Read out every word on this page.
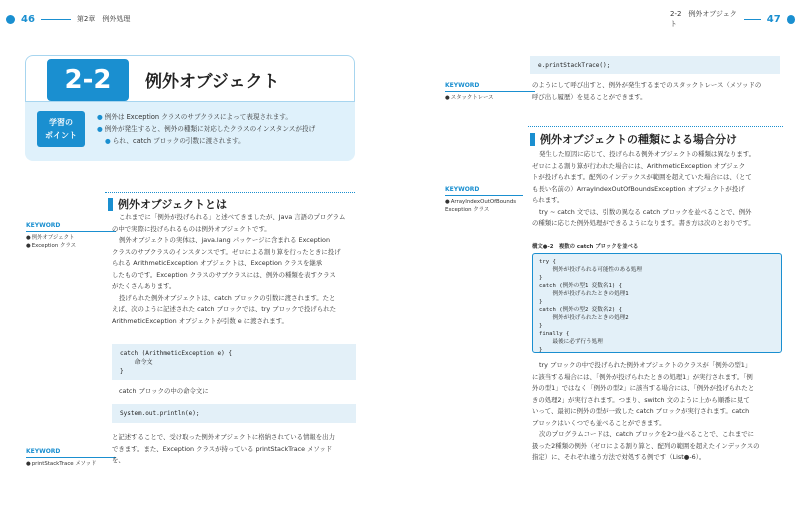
46	第2章　例外処理
2-2	例外オブジェクト
学習の
ポイント
● 例外は Exception クラスのサブクラスによって表現されます。
● 例外が発生すると、例外の種類に対応したクラスのインスタンスが投げ
● られ、catch ブロックの引数に渡されます。
例外オブジェクトとは
KEYWORD
● 例外オブジェクト
● Exception クラス
これまでに「例外が投げられる」と述べてきましたが、Java 言語のプログラム
の中で実際に投げられるものは例外オブジェクトです。
例外オブジェクトの実体は、java.lang パッケージに含まれる Exception
クラスのサブクラスのインスタンスです。ゼロによる割り算を行ったときに投げ
られる ArithmeticException オブジェクトは、Exception クラスを継承
したものです。Exception クラスのサブクラスには、例外の種類を表すクラス
がたくさんあります。
投げられた例外オブジェクトは、catch ブロックの引数に渡されます。たと
えば、次のように記述された catch ブロックでは、try ブロックで投げられた
ArithmeticException オブジェクトが引数 e に渡されます。
catch (ArithmeticException e) {
命令文
}
catch ブロックの中の命令文に
System.out.println(e);
KEYWORD
● printStackTrace メソッド
と記述することで、受け取った例外オブジェクトに格納されている情報を出力
できます。また、Exception クラスが持っている printStackTrace メソッド
を、
2-2　例外オブジェクト	47
e.printStackTrace();
KEYWORD
● スタックトレース
のようにして呼び出すと、例外が発生するまでのスタックトレース（メソッドの
呼び出し履歴）を見ることができます。
例外オブジェクトの種類による場合分け
KEYWORD
● ArrayIndexOutOfBounds Exception クラス
発生した原因に応じて、投げられる例外オブジェクトの種類は異なります。
ゼロによる割り算が行われた場合には、ArithmeticException オブジェク
トが投げられます。配列のインデックスが範囲を超えていた場合には、（とて
も長い名前の）ArrayIndexOutOfBoundsException オブジェクトが投げ
られます。
try ~ catch 文では、引数の異なる catch ブロックを並べることで、例外
の種類に応じた例外処理ができるようになります。書き方は次のとおりです。
構文●-2　複数の catch ブロックを並べる
try {
例外が投げられる可能性のある処理
}
catch (例外の型1 変数名1) {
例外が投げられたときの処理1
}
catch (例外の型2 変数名2) {
例外が投げられたときの処理2
}
finally {
最後に必ず行う処理
}
try ブロックの中で投げられた例外オブジェクトのクラスが「例外の型1」
に該当する場合には、「例外が投げられたときの処理1」が実行されます。「例
外の型1」ではなく「例外の型2」に該当する場合には、「例外が投げられたと
きの処理2」が実行されます。つまり、switch 文のように上から順番に見て
いって、最初に例外の型が一致した catch ブロックが実行されます。catch
ブロックはいくつでも並べることができます。
次のプログラムコードは、catch ブロックを2つ並べることで、これまでに
扱った2種類の例外（ゼロによる割り算と、配列の範囲を超えたインデックスの
指定）に、それぞれ違う方法で対処する例です（List●-6）。
